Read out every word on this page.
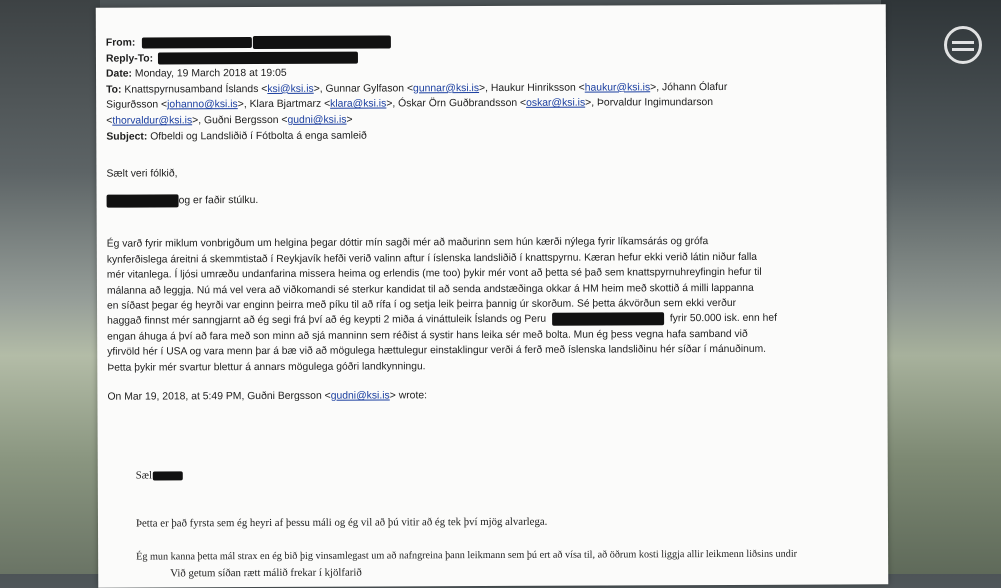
From:
Reply-To:
Date: Monday, 19 March 2018 at 19:05
To: Knattspyrnusamband Íslands <ksi@ksi.is>, Gunnar Gylfason <gunnar@ksi.is>, Haukur Hinriksson <haukur@ksi.is>, Jóhann Ólafur
Sigurðsson <johanno@ksi.is>, Klara Bjartmarz <klara@ksi.is>, Óskar Örn Guðbrandsson <oskar@ksi.is>, Þorvaldur Ingimundarson
<thorvaldur@ksi.is>, Guðni Bergsson <gudni@ksi.is>
Subject: Ofbeldi og Landsliðið í Fótbolta á enga samleið

Sælt veri fólkið,

og er faðir stúlku.
Ég varð fyrir miklum vonbrigðum um helgina þegar dóttir mín sagði mér að maðurinn sem hún kærði nýlega fyrir líkamsárás og grófa
kynferðislega áreitni á skemmtistað í Reykjavík hefði verið valinn aftur í íslenska landsliðið í knattspyrnu. Kæran hefur ekki verið látin niður falla
mér vitanlega. Í ljósi umræðu undanfarina missera heima og erlendis (me too) þykir mér vont að þetta sé það sem knattspyrnuhreyfingin hefur til
málanna að leggja. Nú má vel vera að viðkomandi sé sterkur kandidat til að senda andstæðinga okkar á HM heim með skottið á milli lappanna
en síðast þegar ég heyrði var enginn þeirra með píku til að rífa í og setja leik þeirra þannig úr skorðum. Sé þetta ákvörðun sem ekki verður
haggað finnst mér sanngjarnt að ég segi frá því að ég keypti 2 miða á vináttuleik Íslands og Peru	fyrir 50.000 isk. enn hef
engan áhuga á því að fara með son minn að sjá manninn sem réðist á systir hans leika sér með bolta. Mun ég þess vegna hafa samband við
yfirvöld hér í USA og vara menn þar á bæ við að mögulega hættulegur einstaklingur verði á ferð með íslenska landsliðinu hér síðar í mánuðinum.
Þetta þykir mér svartur blettur á annars mögulega góðri landkynningu.
On Mar 19, 2018, at 5:49 PM, Guðni Bergsson <gudni@ksi.is> wrote:
Sæl
Þetta er það fyrsta sem ég heyri af þessu máli og ég vil að þú vitir að ég tek því mjög alvarlega.
Ég mun kanna þetta mál strax en ég bið þig vinsamlegast um að nafngreina þann leikmann sem þú ert að vísa til, að öðrum kosti liggja allir leikmenn liðsins undir
Við getum síðan rætt málið frekar í kjölfarið
